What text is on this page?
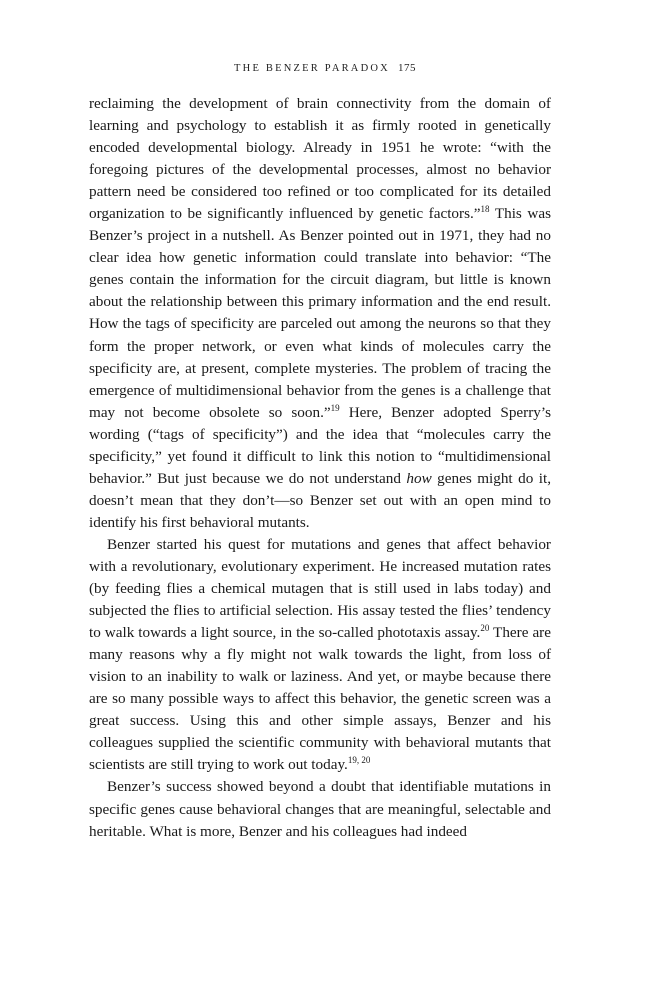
THE BENZER PARADOX 175

reclaiming the development of brain connectivity from the domain of learning and psychology to establish it as firmly rooted in genetically encoded developmental biology. Already in 1951 he wrote: “with the foregoing pictures of the developmental processes, almost no behavior pattern need be considered too refined or too complicated for its detailed organization to be significantly influenced by genetic factors.”$^{18}$ This was Benzer’s project in a nutshell. As Benzer pointed out in 1971, they had no clear idea how genetic information could translate into behavior: “The genes contain the information for the circuit diagram, but little is known about the relationship between this primary information and the end result. How the tags of specificity are parceled out among the neurons so that they form the proper network, or even what kinds of molecules carry the specificity are, at present, complete mysteries. The problem of tracing the emergence of multidimensional behavior from the genes is a challenge that may not become obsolete so soon.”$^{19}$ Here, Benzer adopted Sperry’s wording (“tags of specificity”) and the idea that “molecules carry the specificity,” yet found it difficult to link this notion to “multidimensional behavior.” But just because we do not understand how genes might do it, doesn’t mean that they don’t—so Benzer set out with an open mind to identify his first behavioral mutants.

Benzer started his quest for mutations and genes that affect behavior with a revolutionary, evolutionary experiment. He increased mutation rates (by feeding flies a chemical mutagen that is still used in labs today) and subjected the flies to artificial selection. His assay tested the flies’ tendency to walk towards a light source, in the so-called phototaxis assay.$^{20}$ There are many reasons why a fly might not walk towards the light, from loss of vision to an inability to walk or laziness. And yet, or maybe because there are so many possible ways to affect this behavior, the genetic screen was a great success. Using this and other simple assays, Benzer and his colleagues supplied the scientific community with behavioral mutants that scientists are still trying to work out today.$^{19, 20}$

Benzer’s success showed beyond a doubt that identifiable mutations in specific genes cause behavioral changes that are meaningful, selectable and heritable. What is more, Benzer and his colleagues had indeed
